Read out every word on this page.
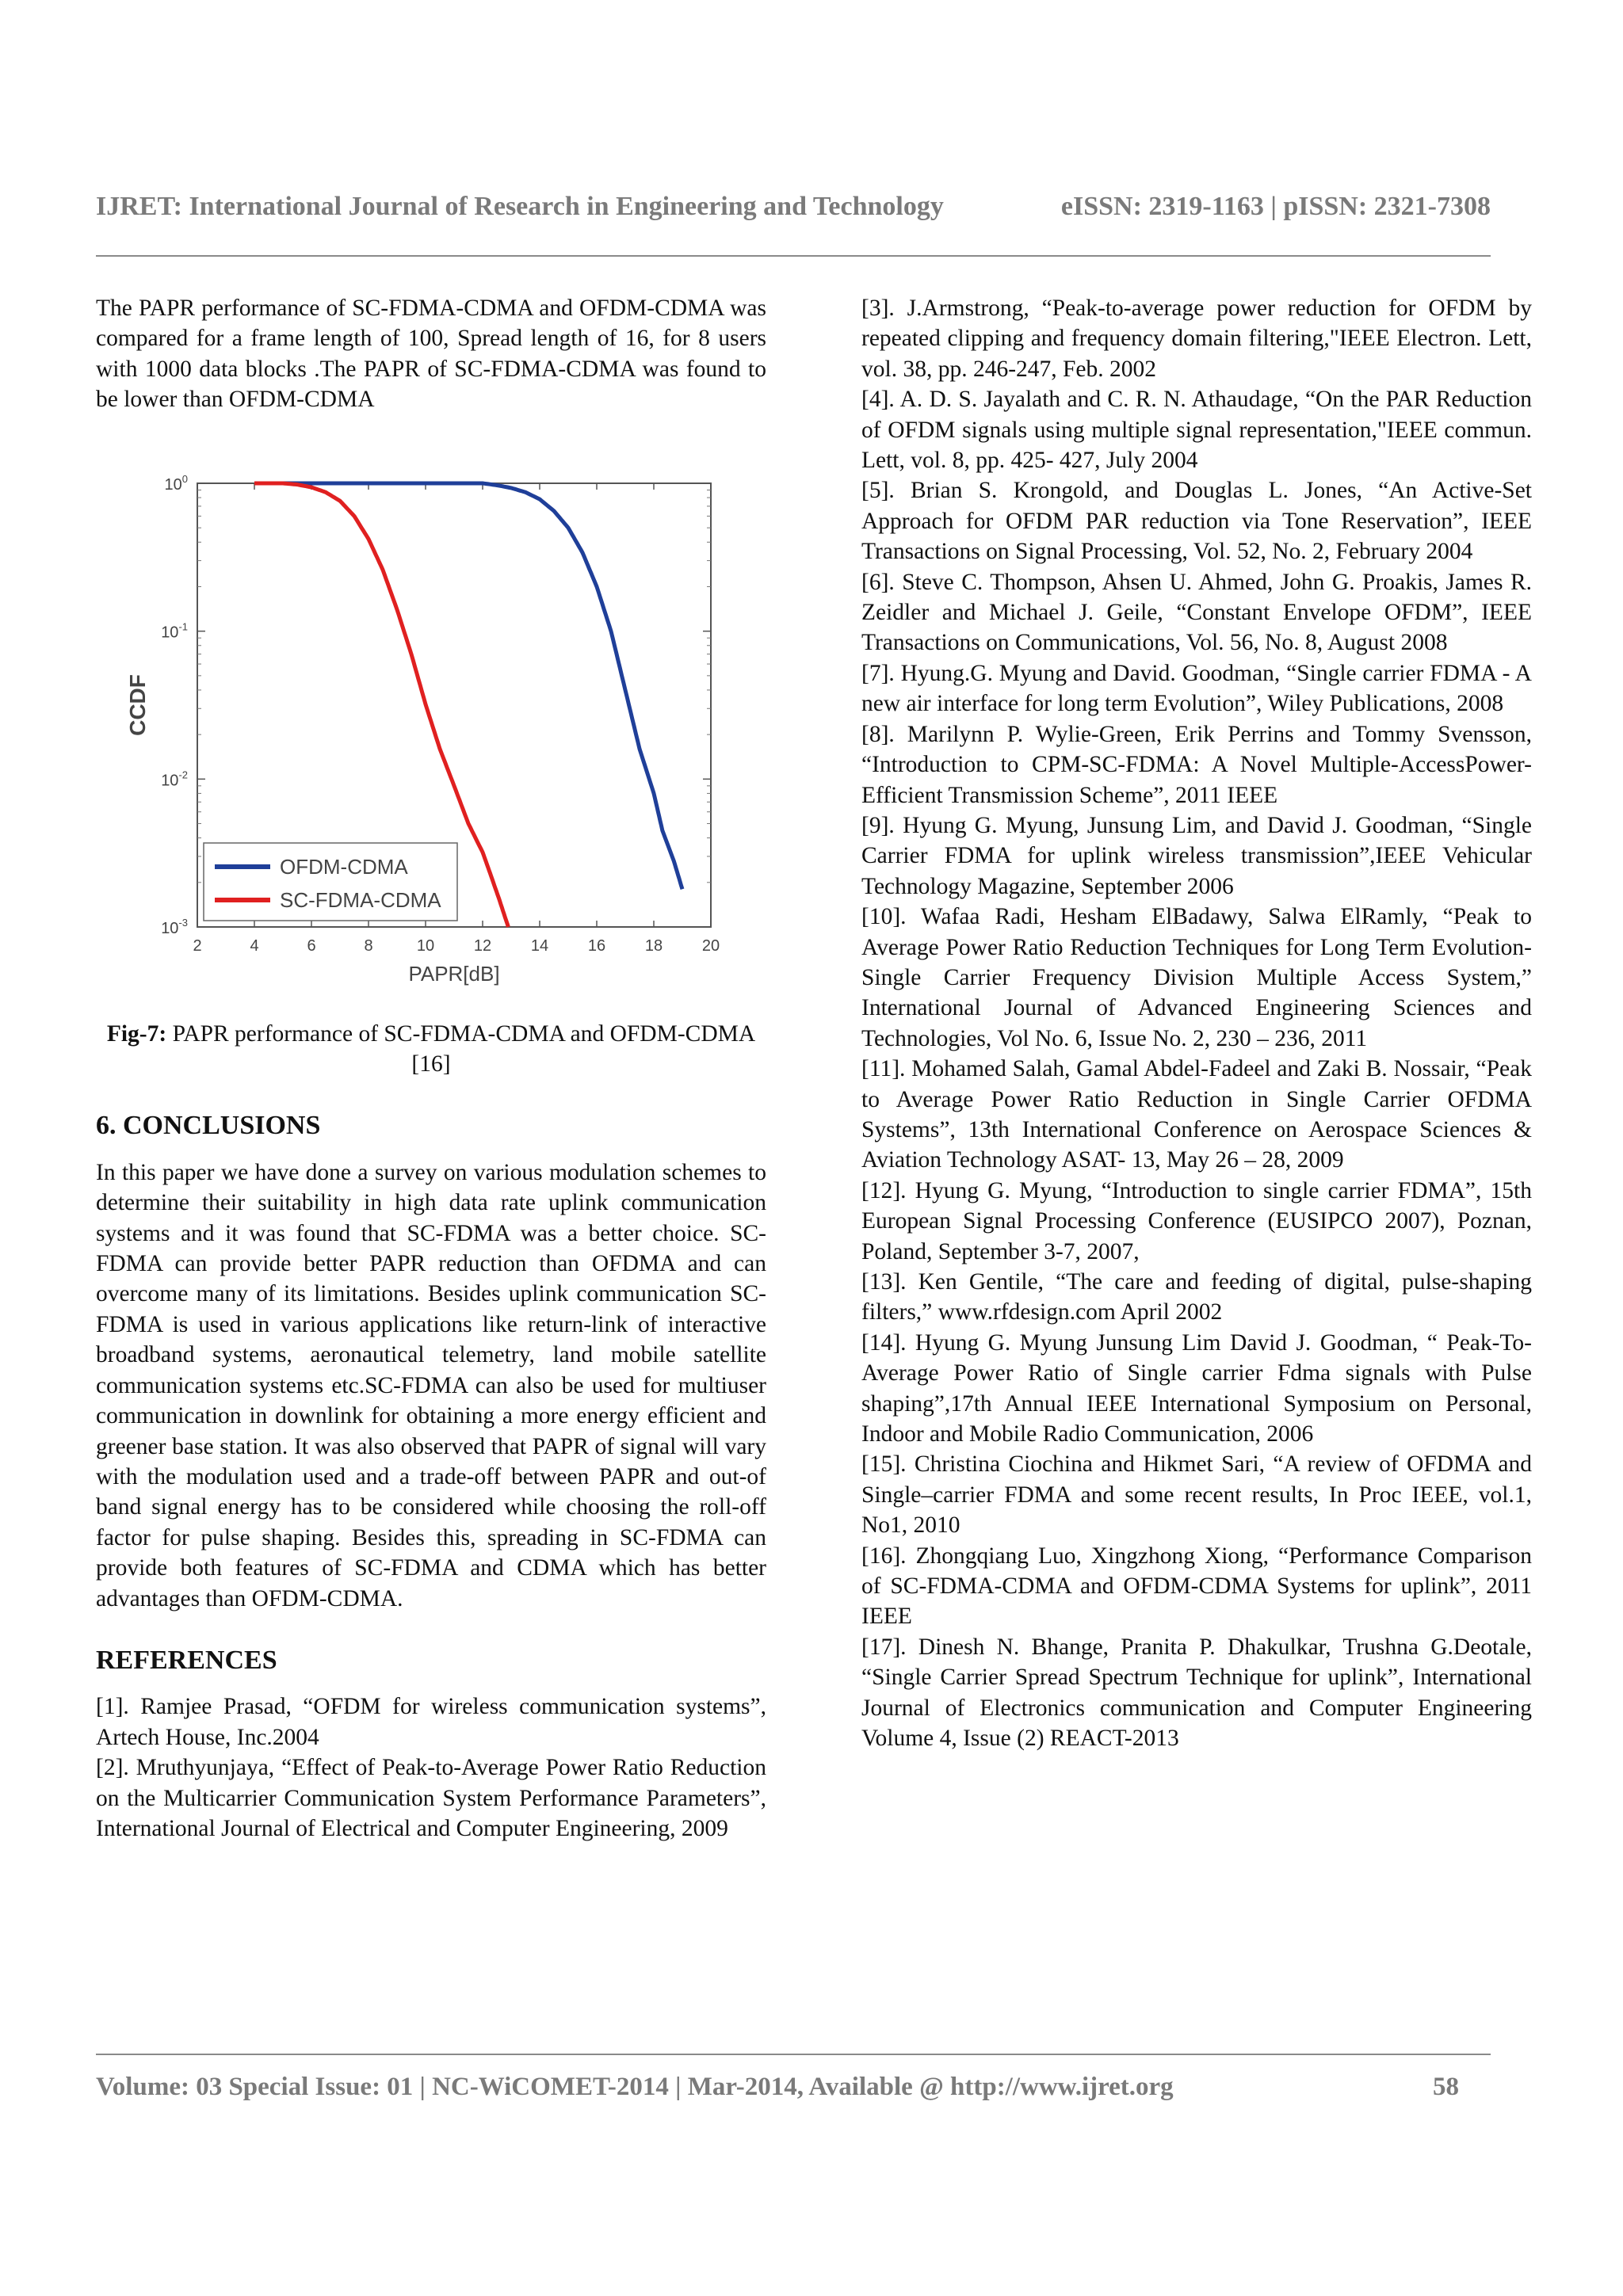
IJRET: International Journal of Research in Engineering and Technology	eISSN: 2319-1163 | pISSN: 2321-7308

The PAPR performance of SC-FDMA-CDMA and OFDM-CDMA was compared for a frame length of 100, Spread length of 16, for 8 users with 1000 data blocks .The PAPR of SC-FDMA-CDMA was found to be lower than OFDM-CDMA

2	4	6	8	10 12 14 16 18 20
$10^0$
$10^{-1}$
$10^{-2}$
$10^{-3}$
PAPR[dB]
CCDF
OFDM-CDMA
SC-FDMA-CDMA
Fig-7: PAPR performance of SC-FDMA-CDMA and OFDM-CDMA [16]
6. CONCLUSIONS

In this paper we have done a survey on various modulation schemes to determine their suitability in high data rate uplink communication systems and it was found that SC-FDMA was a better choice. SC-FDMA can provide better PAPR reduction than OFDMA and can overcome many of its limitations. Besides uplink communication SC-FDMA is used in various applications like return-link of interactive broadband systems, aeronautical telemetry, land mobile satellite communication systems etc.SC-FDMA can also be used for multiuser communication in downlink for obtaining a more energy efficient and greener base station. It was also observed that PAPR of signal will vary with the modulation used and a trade-off between PAPR and out-of band signal energy has to be considered while choosing the roll-off factor for pulse shaping. Besides this, spreading in SC-FDMA can provide both features of SC-FDMA and CDMA which has better advantages than OFDM-CDMA.

REFERENCES

[1]. Ramjee Prasad, “OFDM for wireless communication systems”, Artech House, Inc.2004

[2]. Mruthyunjaya, “Effect of Peak-to-Average Power Ratio Reduction on the Multicarrier Communication System Performance Parameters”, International Journal of Electrical and Computer Engineering, 2009

[3]. J.Armstrong, “Peak-to-average power reduction for OFDM by repeated clipping and frequency domain filtering,"IEEE Electron. Lett, vol. 38, pp. 246-247, Feb. 2002

[4]. A. D. S. Jayalath and C. R. N. Athaudage, “On the PAR Reduction of OFDM signals using multiple signal representation,"IEEE commun. Lett, vol. 8, pp. 425- 427, July 2004

[5]. Brian S. Krongold, and Douglas L. Jones, “An Active-Set Approach for OFDM PAR reduction via Tone Reservation”, IEEE Transactions on Signal Processing, Vol. 52, No. 2, February 2004

[6]. Steve C. Thompson, Ahsen U. Ahmed, John G. Proakis, James R. Zeidler and Michael J. Geile, “Constant Envelope OFDM”, IEEE Transactions on Communications, Vol. 56, No. 8, August 2008

[7]. Hyung.G. Myung and David. Goodman, “Single carrier FDMA - A new air interface for long term Evolution”, Wiley Publications, 2008

[8]. Marilynn P. Wylie-Green, Erik Perrins and Tommy Svensson, “Introduction to CPM-SC-FDMA: A Novel Multiple-AccessPower-Efficient Transmission Scheme”, 2011 IEEE

[9]. Hyung G. Myung, Junsung Lim, and David J. Goodman, “Single Carrier FDMA for uplink wireless transmission”,IEEE Vehicular Technology Magazine, September 2006

[10]. Wafaa Radi, Hesham ElBadawy, Salwa ElRamly, “Peak to Average Power Ratio Reduction Techniques for Long Term Evolution- Single Carrier Frequency Division Multiple Access System,” International Journal of Advanced Engineering Sciences and Technologies, Vol No. 6, Issue No. 2, 230 – 236, 2011

[11]. Mohamed Salah, Gamal Abdel-Fadeel and Zaki B. Nossair, “Peak to Average Power Ratio Reduction in Single Carrier OFDMA Systems”, 13th International Conference on Aerospace Sciences & Aviation Technology ASAT- 13, May 26 – 28, 2009

[12]. Hyung G. Myung, “Introduction to single carrier FDMA”, 15th European Signal Processing Conference (EUSIPCO 2007), Poznan, Poland, September 3-7, 2007,

[13]. Ken Gentile, “The care and feeding of digital, pulse-shaping filters,” www.rfdesign.com April 2002

[14]. Hyung G. Myung Junsung Lim David J. Goodman, “ Peak-To-Average Power Ratio of Single carrier Fdma signals with Pulse shaping”,17th Annual IEEE International Symposium on Personal, Indoor and Mobile Radio Communication, 2006

[15]. Christina Ciochina and Hikmet Sari, “A review of OFDMA and Single–carrier FDMA and some recent results, In Proc IEEE, vol.1, No1, 2010

[16]. Zhongqiang Luo, Xingzhong Xiong, “Performance Comparison of SC-FDMA-CDMA and OFDM-CDMA Systems for uplink”, 2011 IEEE

[17]. Dinesh N. Bhange, Pranita P. Dhakulkar, Trushna G.Deotale, “Single Carrier Spread Spectrum Technique for uplink”, International Journal of Electronics communication and Computer Engineering Volume 4, Issue (2) REACT-2013

Volume: 03 Special Issue: 01 | NC-WiCOMET-2014 | Mar-2014, Available @ http://www.ijret.org	58
